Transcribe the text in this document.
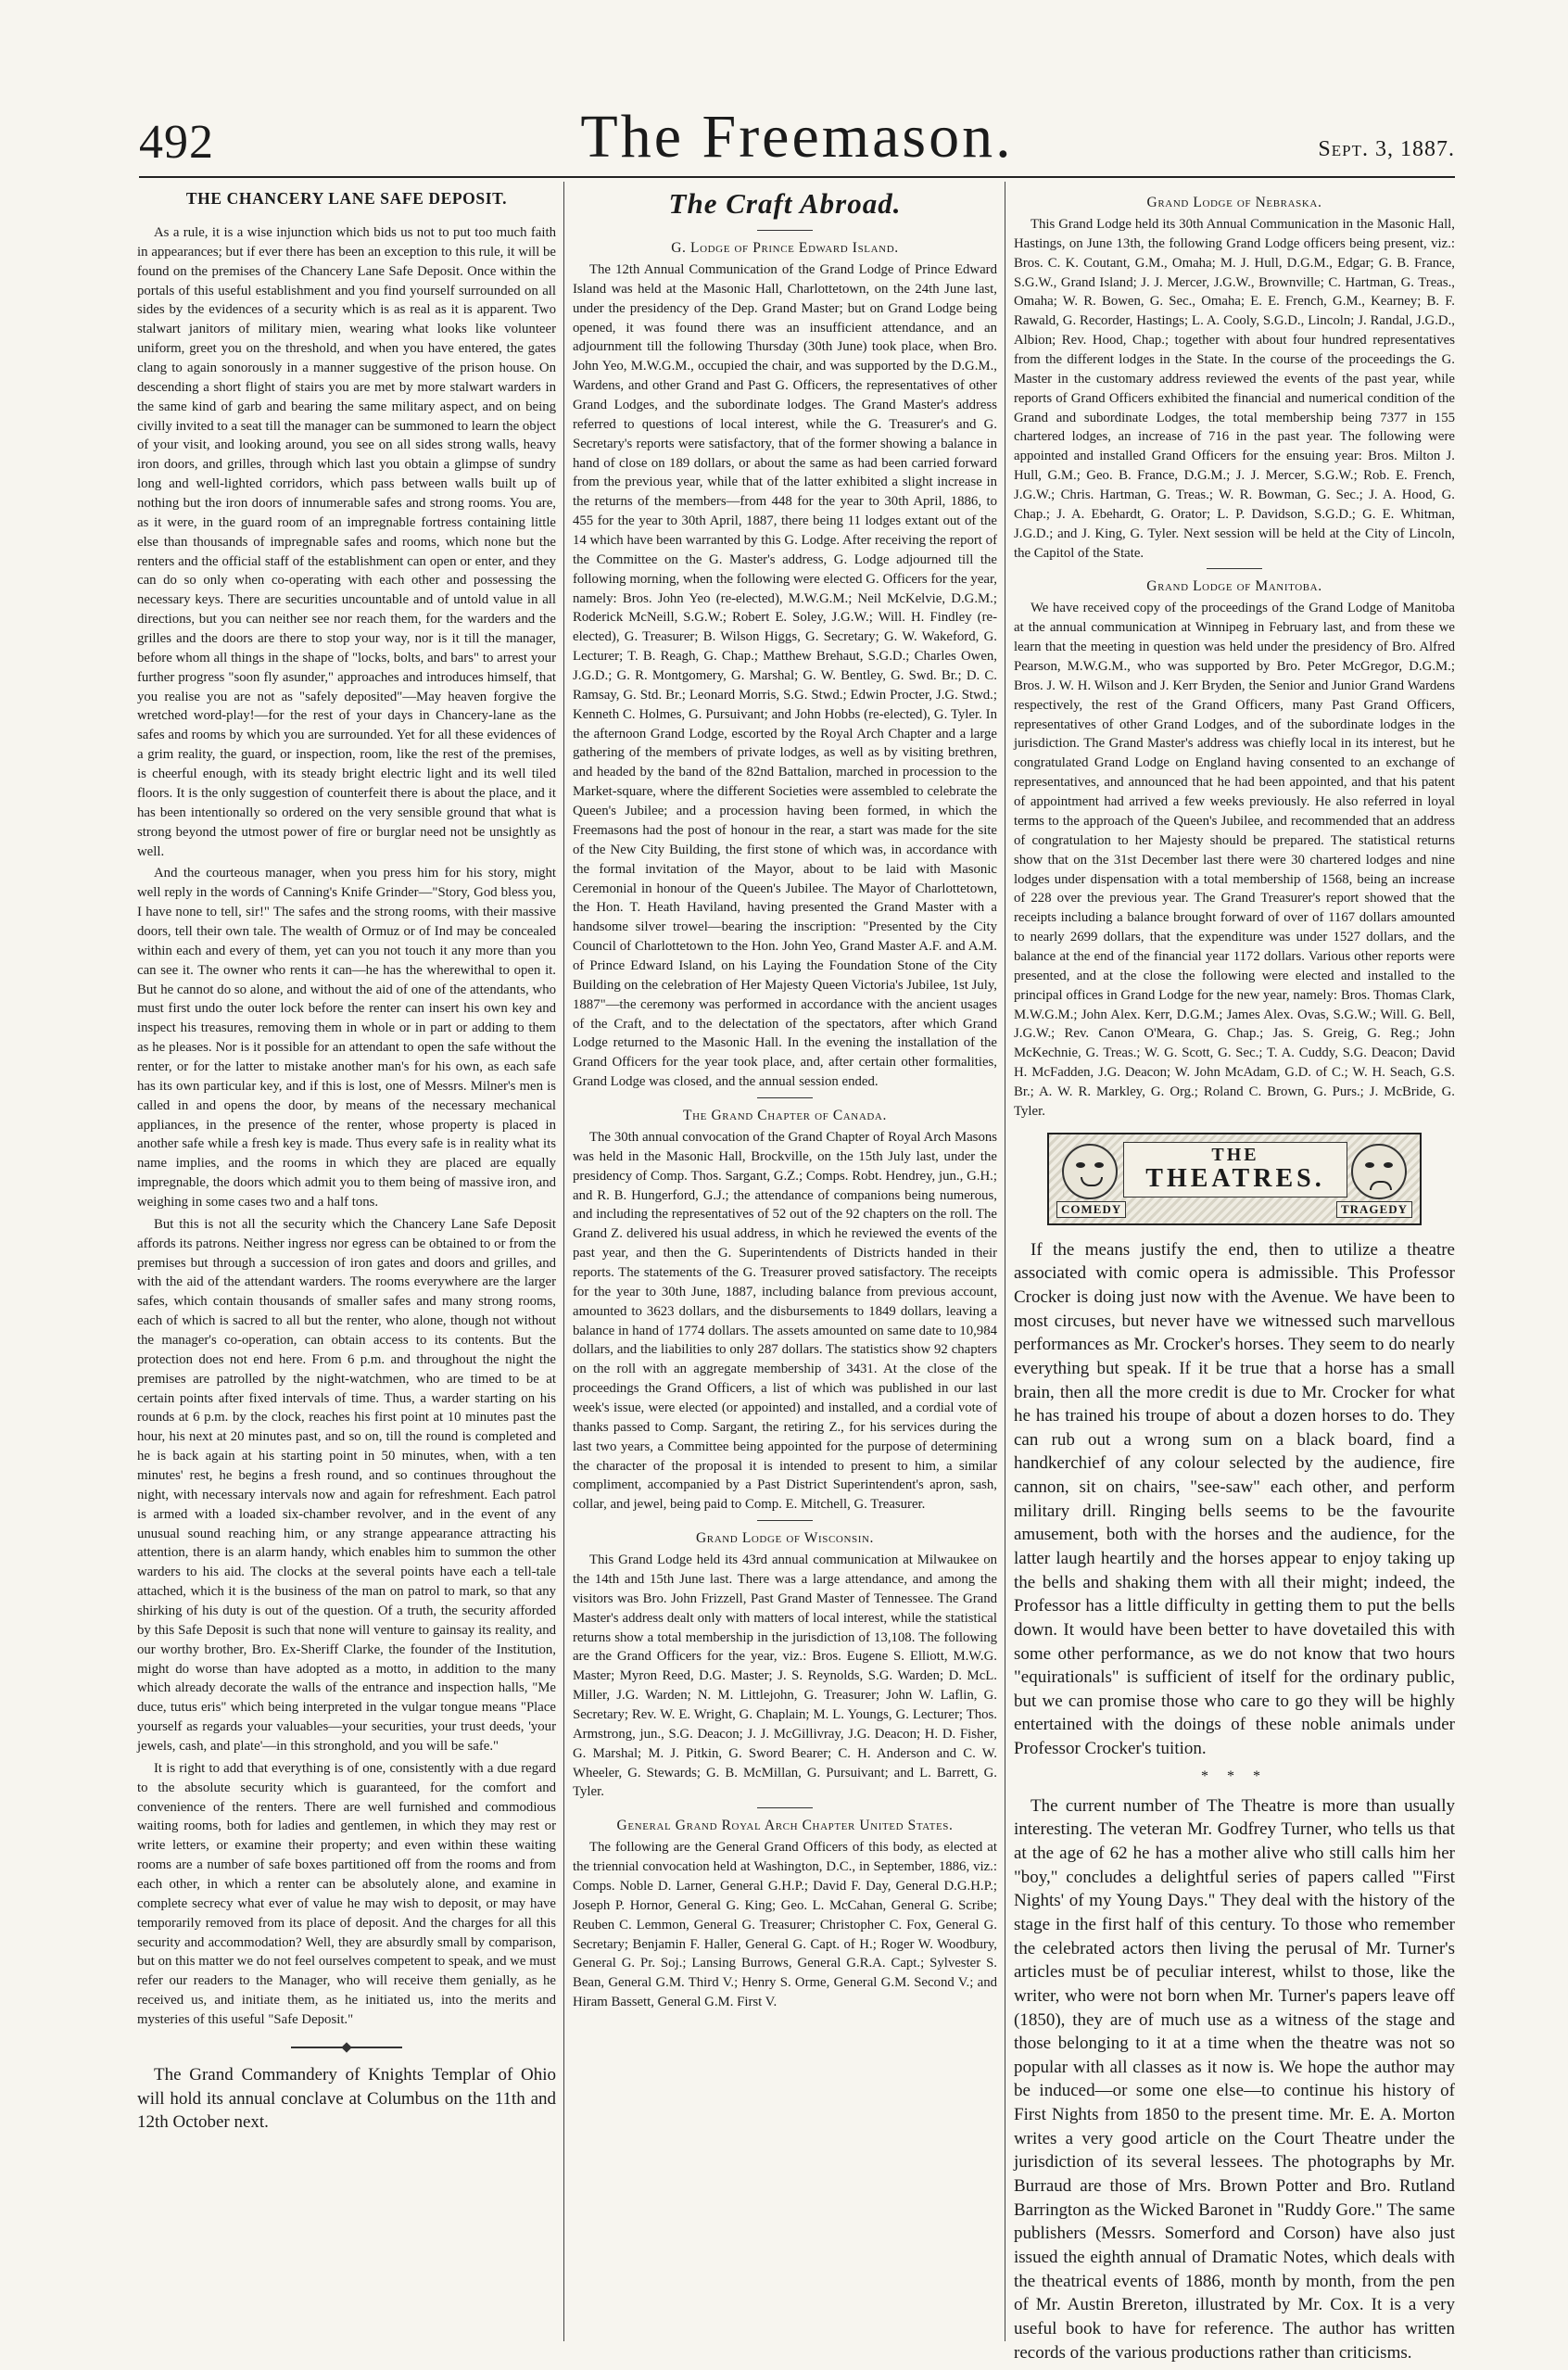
492	The Freemason.	Sept. 3, 1887.
THE CHANCERY LANE SAFE DEPOSIT.

As a rule, it is a wise injunction which bids us not to put too much faith in appearances; but if ever there has been an exception to this rule, it will be found on the premises of the Chancery Lane Safe Deposit. Once within the portals of this useful establishment and you find yourself surrounded on all sides by the evidences of a security which is as real as it is apparent. Two stalwart janitors of military mien, wearing what looks like volunteer uniform, greet you on the threshold, and when you have entered, the gates clang to again sonorously in a manner suggestive of the prison house. On descending a short flight of stairs you are met by more stalwart warders in the same kind of garb and bearing the same military aspect, and on being civilly invited to a seat till the manager can be summoned to learn the object of your visit, and looking around, you see on all sides strong walls, heavy iron doors, and grilles, through which last you obtain a glimpse of sundry long and well-lighted corridors, which pass between walls built up of nothing but the iron doors of innumerable safes and strong rooms. You are, as it were, in the guard room of an impregnable fortress containing little else than thousands of impregnable safes and rooms, which none but the renters and the official staff of the establishment can open or enter, and they can do so only when co-operating with each other and possessing the necessary keys. There are securities uncountable and of untold value in all directions, but you can neither see nor reach them, for the warders and the grilles and the doors are there to stop your way, nor is it till the manager, before whom all things in the shape of "locks, bolts, and bars" to arrest your further progress "soon fly asunder," approaches and introduces himself, that you realise you are not as "safely deposited"—May heaven forgive the wretched word-play!—for the rest of your days in Chancery-lane as the safes and rooms by which you are surrounded. Yet for all these evidences of a grim reality, the guard, or inspection, room, like the rest of the premises, is cheerful enough, with its steady bright electric light and its well tiled floors. It is the only suggestion of counterfeit there is about the place, and it has been intentionally so ordered on the very sensible ground that what is strong beyond the utmost power of fire or burglar need not be unsightly as well.

And the courteous manager, when you press him for his story, might well reply in the words of Canning's Knife Grinder—"Story, God bless you, I have none to tell, sir!" The safes and the strong rooms, with their massive doors, tell their own tale. The wealth of Ormuz or of Ind may be concealed within each and every of them, yet can you not touch it any more than you can see it. The owner who rents it can—he has the wherewithal to open it. But he cannot do so alone, and without the aid of one of the attendants, who must first undo the outer lock before the renter can insert his own key and inspect his treasures, removing them in whole or in part or adding to them as he pleases. Nor is it possible for an attendant to open the safe without the renter, or for the latter to mistake another man's for his own, as each safe has its own particular key, and if this is lost, one of Messrs. Milner's men is called in and opens the door, by means of the necessary mechanical appliances, in the presence of the renter, whose property is placed in another safe while a fresh key is made. Thus every safe is in reality what its name implies, and the rooms in which they are placed are equally impregnable, the doors which admit you to them being of massive iron, and weighing in some cases two and a half tons.

But this is not all the security which the Chancery Lane Safe Deposit affords its patrons. Neither ingress nor egress can be obtained to or from the premises but through a succession of iron gates and doors and grilles, and with the aid of the attendant warders. The rooms everywhere are the larger safes, which contain thousands of smaller safes and many strong rooms, each of which is sacred to all but the renter, who alone, though not without the manager's co-operation, can obtain access to its contents. But the protection does not end here. From 6 p.m. and throughout the night the premises are patrolled by the night-watchmen, who are timed to be at certain points after fixed intervals of time. Thus, a warder starting on his rounds at 6 p.m. by the clock, reaches his first point at 10 minutes past the hour, his next at 20 minutes past, and so on, till the round is completed and he is back again at his starting point in 50 minutes, when, with a ten minutes' rest, he begins a fresh round, and so continues throughout the night, with necessary intervals now and again for refreshment. Each patrol is armed with a loaded six-chamber revolver, and in the event of any unusual sound reaching him, or any strange appearance attracting his attention, there is an alarm handy, which enables him to summon the other warders to his aid. The clocks at the several points have each a tell-tale attached, which it is the business of the man on patrol to mark, so that any shirking of his duty is out of the question. Of a truth, the security afforded by this Safe Deposit is such that none will venture to gainsay its reality, and our worthy brother, Bro. Ex-Sheriff Clarke, the founder of the Institution, might do worse than have adopted as a motto, in addition to the many which already decorate the walls of the entrance and inspection halls, "Me duce, tutus eris" which being interpreted in the vulgar tongue means "Place yourself as regards your valuables—your securities, your trust deeds, 'your jewels, cash, and plate'—in this stronghold, and you will be safe."

It is right to add that everything is of one, consistently with a due regard to the absolute security which is guaranteed, for the comfort and convenience of the renters. There are well furnished and commodious waiting rooms, both for ladies and gentlemen, in which they may rest or write letters, or examine their property; and even within these waiting rooms are a number of safe boxes partitioned off from the rooms and from each other, in which a renter can be absolutely alone, and examine in complete secrecy what ever of value he may wish to deposit, or may have temporarily removed from its place of deposit. And the charges for all this security and accommodation? Well, they are absurdly small by comparison, but on this matter we do not feel ourselves competent to speak, and we must refer our readers to the Manager, who will receive them genially, as he received us, and initiate them, as he initiated us, into the merits and mysteries of this useful "Safe Deposit."

The Grand Commandery of Knights Templar of Ohio will hold its annual conclave at Columbus on the 11th and 12th October next.

The Craft Abroad.
G. Lodge of Prince Edward Island.

The 12th Annual Communication of the Grand Lodge of Prince Edward Island was held at the Masonic Hall, Charlottetown, on the 24th June last, under the presidency of the Dep. Grand Master; but on Grand Lodge being opened, it was found there was an insufficient attendance, and an adjournment till the following Thursday (30th June) took place, when Bro. John Yeo, M.W.G.M., occupied the chair, and was supported by the D.G.M., Wardens, and other Grand and Past G. Officers, the representatives of other Grand Lodges, and the subordinate lodges. The Grand Master's address referred to questions of local interest, while the G. Treasurer's and G. Secretary's reports were satisfactory, that of the former showing a balance in hand of close on 189 dollars, or about the same as had been carried forward from the previous year, while that of the latter exhibited a slight increase in the returns of the members—from 448 for the year to 30th April, 1886, to 455 for the year to 30th April, 1887, there being 11 lodges extant out of the 14 which have been warranted by this G. Lodge. After receiving the report of the Committee on the G. Master's address, G. Lodge adjourned till the following morning, when the following were elected G. Officers for the year, namely: Bros. John Yeo (re-elected), M.W.G.M.; Neil McKelvie, D.G.M.; Roderick McNeill, S.G.W.; Robert E. Soley, J.G.W.; Will. H. Findley (re-elected), G. Treasurer; B. Wilson Higgs, G. Secretary; G. W. Wakeford, G. Lecturer; T. B. Reagh, G. Chap.; Matthew Brehaut, S.G.D.; Charles Owen, J.G.D.; G. R. Montgomery, G. Marshal; G. W. Bentley, G. Swd. Br.; D. C. Ramsay, G. Std. Br.; Leonard Morris, S.G. Stwd.; Edwin Procter, J.G. Stwd.; Kenneth C. Holmes, G. Pursuivant; and John Hobbs (re-elected), G. Tyler. In the afternoon Grand Lodge, escorted by the Royal Arch Chapter and a large gathering of the members of private lodges, as well as by visiting brethren, and headed by the band of the 82nd Battalion, marched in procession to the Market-square, where the different Societies were assembled to celebrate the Queen's Jubilee; and a procession having been formed, in which the Freemasons had the post of honour in the rear, a start was made for the site of the New City Building, the first stone of which was, in accordance with the formal invitation of the Mayor, about to be laid with Masonic Ceremonial in honour of the Queen's Jubilee. The Mayor of Charlottetown, the Hon. T. Heath Haviland, having presented the Grand Master with a handsome silver trowel—bearing the inscription: "Presented by the City Council of Charlottetown to the Hon. John Yeo, Grand Master A.F. and A.M. of Prince Edward Island, on his Laying the Foundation Stone of the City Building on the celebration of Her Majesty Queen Victoria's Jubilee, 1st July, 1887"—the ceremony was performed in accordance with the ancient usages of the Craft, and to the delectation of the spectators, after which Grand Lodge returned to the Masonic Hall. In the evening the installation of the Grand Officers for the year took place, and, after certain other formalities, Grand Lodge was closed, and the annual session ended.

The Grand Chapter of Canada.

The 30th annual convocation of the Grand Chapter of Royal Arch Masons was held in the Masonic Hall, Brockville, on the 15th July last, under the presidency of Comp. Thos. Sargant, G.Z.; Comps. Robt. Hendrey, jun., G.H.; and R. B. Hungerford, G.J.; the attendance of companions being numerous, and including the representatives of 52 out of the 92 chapters on the roll. The Grand Z. delivered his usual address, in which he reviewed the events of the past year, and then the G. Superintendents of Districts handed in their reports. The statements of the G. Treasurer proved satisfactory. The receipts for the year to 30th June, 1887, including balance from previous account, amounted to 3623 dollars, and the disbursements to 1849 dollars, leaving a balance in hand of 1774 dollars. The assets amounted on same date to 10,984 dollars, and the liabilities to only 287 dollars. The statistics show 92 chapters on the roll with an aggregate membership of 3431. At the close of the proceedings the Grand Officers, a list of which was published in our last week's issue, were elected (or appointed) and installed, and a cordial vote of thanks passed to Comp. Sargant, the retiring Z., for his services during the last two years, a Committee being appointed for the purpose of determining the character of the proposal it is intended to present to him, a similar compliment, accompanied by a Past District Superintendent's apron, sash, collar, and jewel, being paid to Comp. E. Mitchell, G. Treasurer.

Grand Lodge of Wisconsin.

This Grand Lodge held its 43rd annual communication at Milwaukee on the 14th and 15th June last. There was a large attendance, and among the visitors was Bro. John Frizzell, Past Grand Master of Tennessee. The Grand Master's address dealt only with matters of local interest, while the statistical returns show a total membership in the jurisdiction of 13,108. The following are the Grand Officers for the year, viz.: Bros. Eugene S. Elliott, M.W.G. Master; Myron Reed, D.G. Master; J. S. Reynolds, S.G. Warden; D. McL. Miller, J.G. Warden; N. M. Littlejohn, G. Treasurer; John W. Laflin, G. Secretary; Rev. W. E. Wright, G. Chaplain; M. L. Youngs, G. Lecturer; Thos. Armstrong, jun., S.G. Deacon; J. J. McGillivray, J.G. Deacon; H. D. Fisher, G. Marshal; M. J. Pitkin, G. Sword Bearer; C. H. Anderson and C. W. Wheeler, G. Stewards; G. B. McMillan, G. Pursuivant; and L. Barrett, G. Tyler.

General Grand Royal Arch Chapter United States.

The following are the General Grand Officers of this body, as elected at the triennial convocation held at Washington, D.C., in September, 1886, viz.: Comps. Noble D. Larner, General G.H.P.; David F. Day, General D.G.H.P.; Joseph P. Hornor, General G. King; Geo. L. McCahan, General G. Scribe; Reuben C. Lemmon, General G. Treasurer; Christopher C. Fox, General G. Secretary; Benjamin F. Haller, General G. Capt. of H.; Roger W. Woodbury, General G. Pr. Soj.; Lansing Burrows, General G.R.A. Capt.; Sylvester S. Bean, General G.M. Third V.; Henry S. Orme, General G.M. Second V.; and Hiram Bassett, General G.M. First V.

Grand Lodge of Nebraska.

This Grand Lodge held its 30th Annual Communication in the Masonic Hall, Hastings, on June 13th, the following Grand Lodge officers being present, viz.: Bros. C. K. Coutant, G.M., Omaha; M. J. Hull, D.G.M., Edgar; G. B. France, S.G.W., Grand Island; J. J. Mercer, J.G.W., Brownville; C. Hartman, G. Treas., Omaha; W. R. Bowen, G. Sec., Omaha; E. E. French, G.M., Kearney; B. F. Rawald, G. Recorder, Hastings; L. A. Cooly, S.G.D., Lincoln; J. Randal, J.G.D., Albion; Rev. Hood, Chap.; together with about four hundred representatives from the different lodges in the State. In the course of the proceedings the G. Master in the customary address reviewed the events of the past year, while reports of Grand Officers exhibited the financial and numerical condition of the Grand and subordinate Lodges, the total membership being 7377 in 155 chartered lodges, an increase of 716 in the past year. The following were appointed and installed Grand Officers for the ensuing year: Bros. Milton J. Hull, G.M.; Geo. B. France, D.G.M.; J. J. Mercer, S.G.W.; Rob. E. French, J.G.W.; Chris. Hartman, G. Treas.; W. R. Bowman, G. Sec.; J. A. Hood, G. Chap.; J. A. Ebehardt, G. Orator; L. P. Davidson, S.G.D.; G. E. Whitman, J.G.D.; and J. King, G. Tyler. Next session will be held at the City of Lincoln, the Capitol of the State.

Grand Lodge of Manitoba.

We have received copy of the proceedings of the Grand Lodge of Manitoba at the annual communication at Winnipeg in February last, and from these we learn that the meeting in question was held under the presidency of Bro. Alfred Pearson, M.W.G.M., who was supported by Bro. Peter McGregor, D.G.M.; Bros. J. W. H. Wilson and J. Kerr Bryden, the Senior and Junior Grand Wardens respectively, the rest of the Grand Officers, many Past Grand Officers, representatives of other Grand Lodges, and of the subordinate lodges in the jurisdiction. The Grand Master's address was chiefly local in its interest, but he congratulated Grand Lodge on England having consented to an exchange of representatives, and announced that he had been appointed, and that his patent of appointment had arrived a few weeks previously. He also referred in loyal terms to the approach of the Queen's Jubilee, and recommended that an address of congratulation to her Majesty should be prepared. The statistical returns show that on the 31st December last there were 30 chartered lodges and nine lodges under dispensation with a total membership of 1568, being an increase of 228 over the previous year. The Grand Treasurer's report showed that the receipts including a balance brought forward of over of 1167 dollars amounted to nearly 2699 dollars, that the expenditure was under 1527 dollars, and the balance at the end of the financial year 1172 dollars. Various other reports were presented, and at the close the following were elected and installed to the principal offices in Grand Lodge for the new year, namely: Bros. Thomas Clark, M.W.G.M.; John Alex. Kerr, D.G.M.; James Alex. Ovas, S.G.W.; Will. G. Bell, J.G.W.; Rev. Canon O'Meara, G. Chap.; Jas. S. Greig, G. Reg.; John McKechnie, G. Treas.; W. G. Scott, G. Sec.; T. A. Cuddy, S.G. Deacon; David H. McFadden, J.G. Deacon; W. John McAdam, G.D. of C.; W. H. Seach, G.S. Br.; A. W. R. Markley, G. Org.; Roland C. Brown, G. Purs.; J. McBride, G. Tyler.

THE
THEATRES.
COMEDY	TRAGEDY

If the means justify the end, then to utilize a theatre associated with comic opera is admissible. This Professor Crocker is doing just now with the Avenue. We have been to most circuses, but never have we witnessed such marvellous performances as Mr. Crocker's horses. They seem to do nearly everything but speak. If it be true that a horse has a small brain, then all the more credit is due to Mr. Crocker for what he has trained his troupe of about a dozen horses to do. They can rub out a wrong sum on a black board, find a handkerchief of any colour selected by the audience, fire cannon, sit on chairs, "see-saw" each other, and perform military drill. Ringing bells seems to be the favourite amusement, both with the horses and the audience, for the latter laugh heartily and the horses appear to enjoy taking up the bells and shaking them with all their might; indeed, the Professor has a little difficulty in getting them to put the bells down. It would have been better to have dovetailed this with some other performance, as we do not know that two hours "equirationals" is sufficient of itself for the ordinary public, but we can promise those who care to go they will be highly entertained with the doings of these noble animals under Professor Crocker's tuition.

* * *

The current number of The Theatre is more than usually interesting. The veteran Mr. Godfrey Turner, who tells us that at the age of 62 he has a mother alive who still calls him her "boy," concludes a delightful series of papers called "'First Nights' of my Young Days." They deal with the history of the stage in the first half of this century. To those who remember the celebrated actors then living the perusal of Mr. Turner's articles must be of peculiar interest, whilst to those, like the writer, who were not born when Mr. Turner's papers leave off (1850), they are of much use as a witness of the stage and those belonging to it at a time when the theatre was not so popular with all classes as it now is. We hope the author may be induced—or some one else—to continue his history of First Nights from 1850 to the present time. Mr. E. A. Morton writes a very good article on the Court Theatre under the jurisdiction of its several lessees. The photographs by Mr. Burraud are those of Mrs. Brown Potter and Bro. Rutland Barrington as the Wicked Baronet in "Ruddy Gore." The same publishers (Messrs. Somerford and Corson) have also just issued the eighth annual of Dramatic Notes, which deals with the theatrical events of 1886, month by month, from the pen of Mr. Austin Brereton, illustrated by Mr. Cox. It is a very useful book to have for reference. The author has written records of the various productions rather than criticisms.
